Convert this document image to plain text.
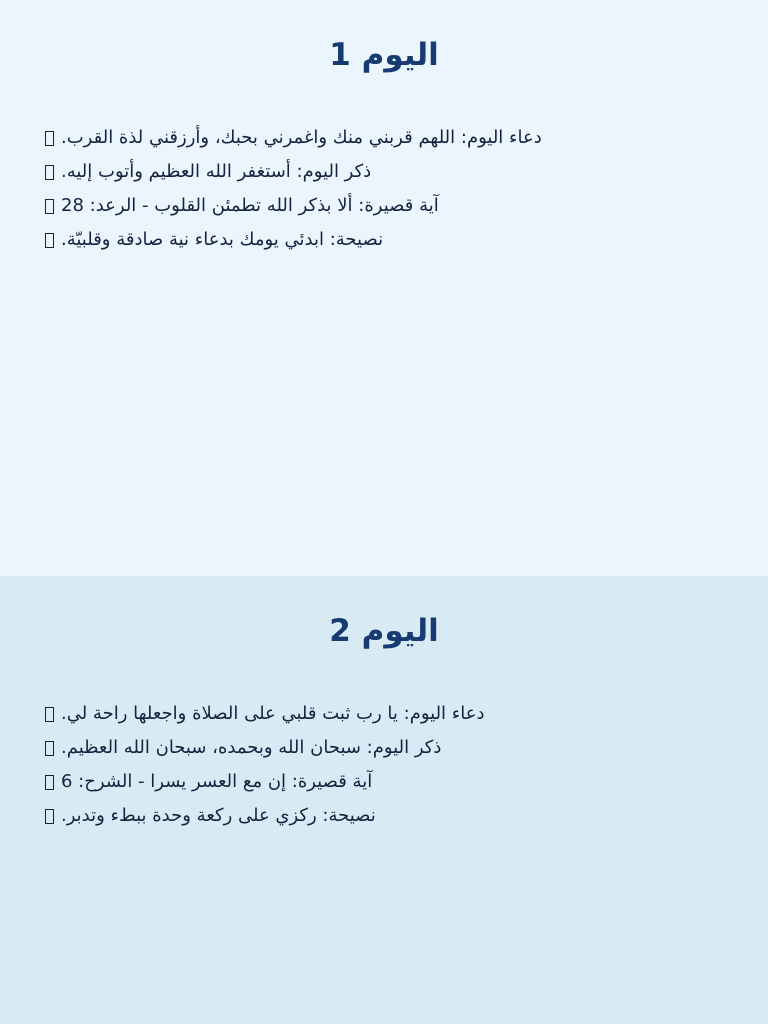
اليوم 1
دعاء اليوم: اللهم قربني منك واغمرني بحبك، وأرزقني لذة القرب.
ذكر اليوم: أستغفر الله العظيم وأتوب إليه.
آية قصيرة: ألا بذكر الله تطمئن القلوب - الرعد: 28
نصيحة: ابدئي يومك بدعاء نية صادقة وقلبيّة.
اليوم 2
دعاء اليوم: يا رب ثبت قلبي على الصلاة واجعلها راحة لي.
ذكر اليوم: سبحان الله وبحمده، سبحان الله العظيم.
آية قصيرة: إن مع العسر يسرا - الشرح: 6
نصيحة: ركزي على ركعة وحدة ببطء وتدبر.
